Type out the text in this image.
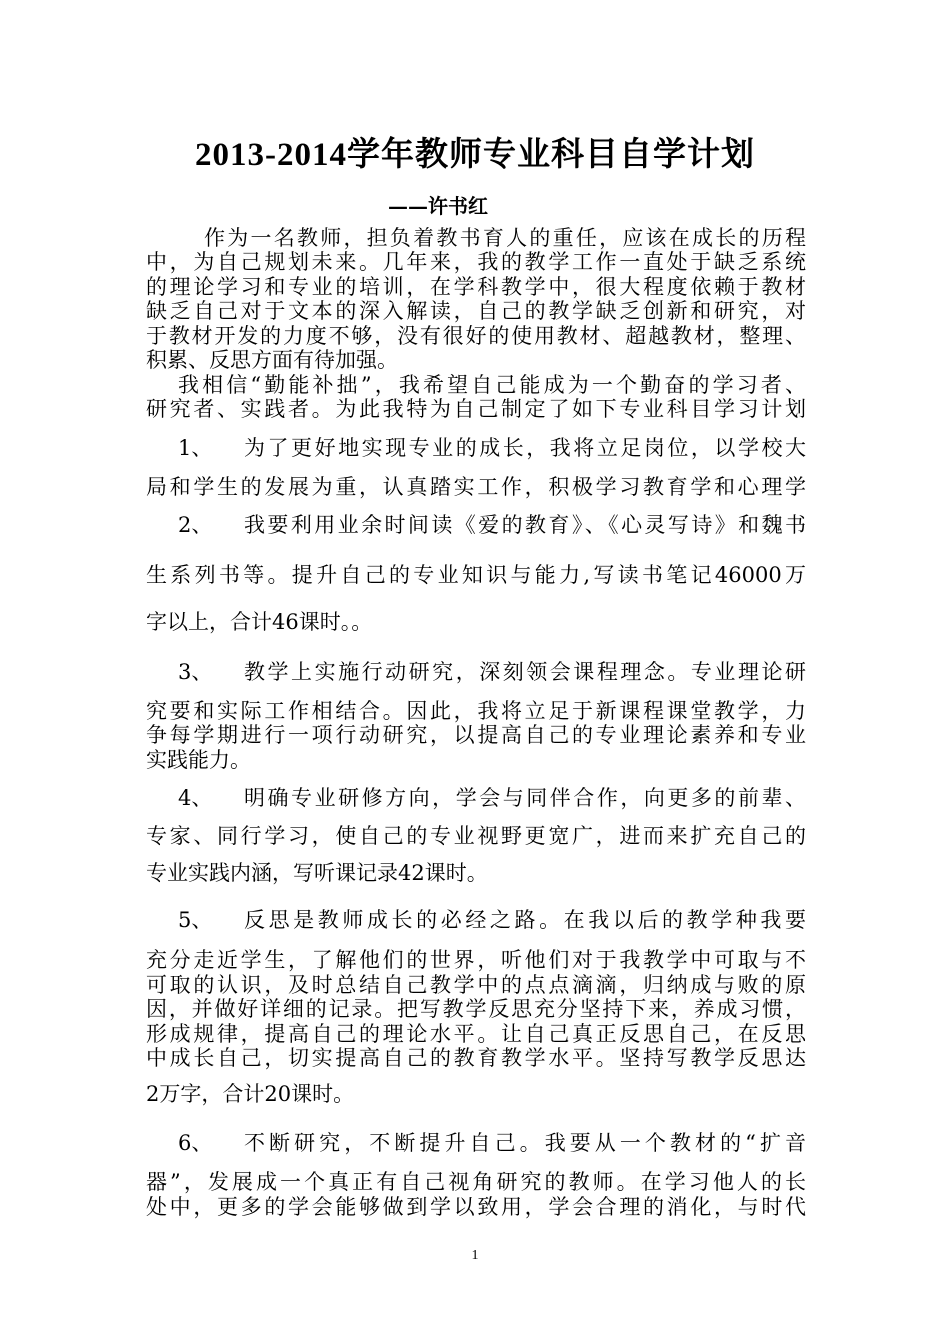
2013-2014学年教师专业科目自学计划

——许书红

作为一名教师，担负着教书育人的重任，应该在成长的历程

中，为自己规划未来。几年来，我的教学工作一直处于缺乏系统

的理论学习和专业的培训，在学科教学中，很大程度依赖于教材

缺乏自己对于文本的深入解读，自己的教学缺乏创新和研究，对

于教材开发的力度不够，没有很好的使用教材、超越教材，整理、

积累、反思方面有待加强。

我相信“勤能补拙”，我希望自己能成为一个勤奋的学习者、

研究者、实践者。为此我特为自己制定了如下专业科目学习计划

1、 为了更好地实现专业的成长，我将立足岗位，以学校大

局和学生的发展为重，认真踏实工作，积极学习教育学和心理学

2、 我要利用业余时间读《爱的教育》、《心灵写诗》和魏书

生系列书等。提升自己的专业知识与能力,写读书笔记46000万

字以上，合计46课时。。

3、 教学上实施行动研究，深刻领会课程理念。专业理论研

究要和实际工作相结合。因此，我将立足于新课程课堂教学，力

争每学期进行一项行动研究，以提高自己的专业理论素养和专业

实践能力。

4、 明确专业研修方向，学会与同伴合作，向更多的前辈、

专家、同行学习，使自己的专业视野更宽广，进而来扩充自己的

专业实践内涵，写听课记录42课时。

5、 反思是教师成长的必经之路。在我以后的教学种我要

充分走近学生，了解他们的世界，听他们对于我教学中可取与不

可取的认识，及时总结自己教学中的点点滴滴，归纳成与败的原

因，并做好详细的记录。把写教学反思充分坚持下来，养成习惯，

形成规律，提高自己的理论水平。让自己真正反思自己，在反思

中成长自己，切实提高自己的教育教学水平。坚持写教学反思达

2万字，合计20课时。

6、 不断研究，不断提升自己。我要从一个教材的“扩音

器”，发展成一个真正有自己视角研究的教师。在学习他人的长

处中，更多的学会能够做到学以致用，学会合理的消化，与时代

1
